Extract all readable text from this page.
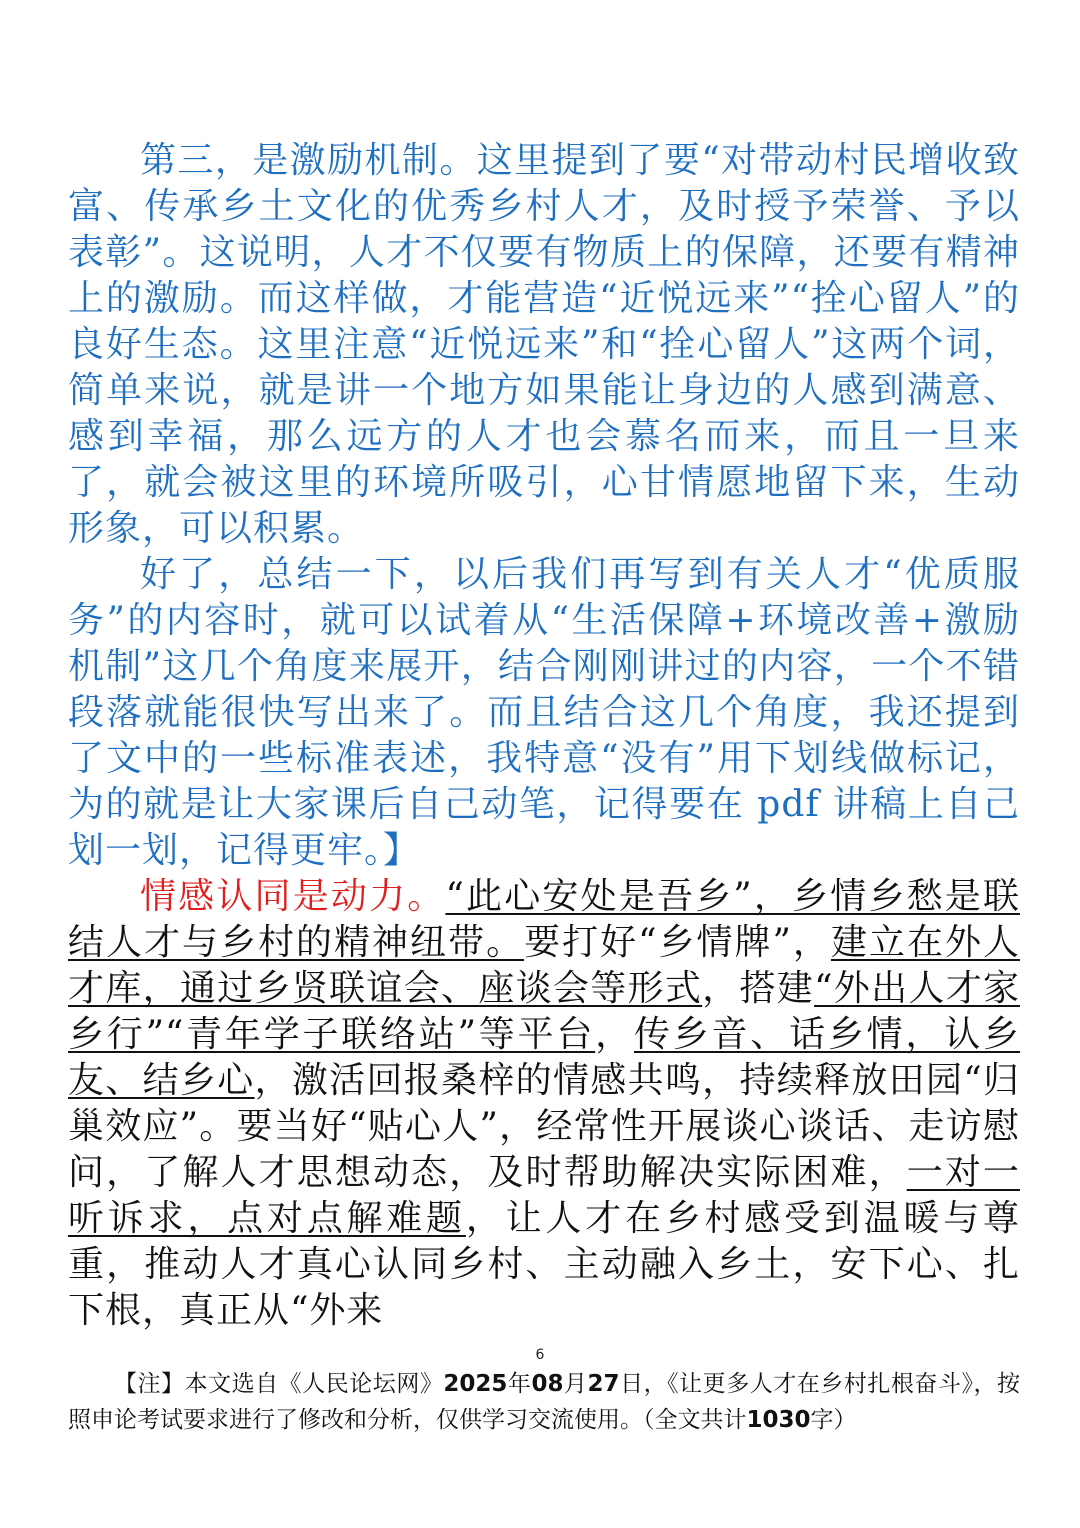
第三，是激励机制。这里提到了要“对带动村民增收致富、传承乡土文化的优秀乡村人才，及时授予荣誉、予以表彰”。这说明，人才不仅要有物质上的保障，还要有精神上的激励。而这样做，才能营造“近悦远来”“拴心留人”的良好生态。这里注意“近悦远来”和“拴心留人”这两个词，简单来说，就是讲一个地方如果能让身边的人感到满意、感到幸福，那么远方的人才也会慕名而来，而且一旦来了，就会被这里的环境所吸引，心甘情愿地留下来，生动形象，可以积累。

好了，总结一下，以后我们再写到有关人才“优质服务”的内容时，就可以试着从“生活保障+环境改善+激励机制”这几个角度来展开，结合刚刚讲过的内容，一个不错段落就能很快写出来了。而且结合这几个角度，我还提到了文中的一些标准表述，我特意“没有”用下划线做标记，为的就是让大家课后自己动笔，记得要在 pdf 讲稿上自己划一划，记得更牢。】

情感认同是动力。“此心安处是吾乡”，乡情乡愁是联结人才与乡村的精神纽带。要打好“乡情牌”，建立在外人才库，通过乡贤联谊会、座谈会等形式，搭建“外出人才家乡行”“青年学子联络站”等平台，传乡音、话乡情，认乡友、结乡心，激活回报桑梓的情感共鸣，持续释放田园“归巢效应”。要当好“贴心人”，经常性开展谈心谈话、走访慰问，了解人才思想动态，及时帮助解决实际困难，一对一听诉求，点对点解难题，让人才在乡村感受到温暖与尊重，推动人才真心认同乡村、主动融入乡土，安下心、扎下根，真正从“外来

6
【注】本文选自《人民论坛网》2025年08月27日，《让更多人才在乡村扎根奋斗》，按照申论考试要求进行了修改和分析，仅供学习交流使用。（全文共计1030字）
